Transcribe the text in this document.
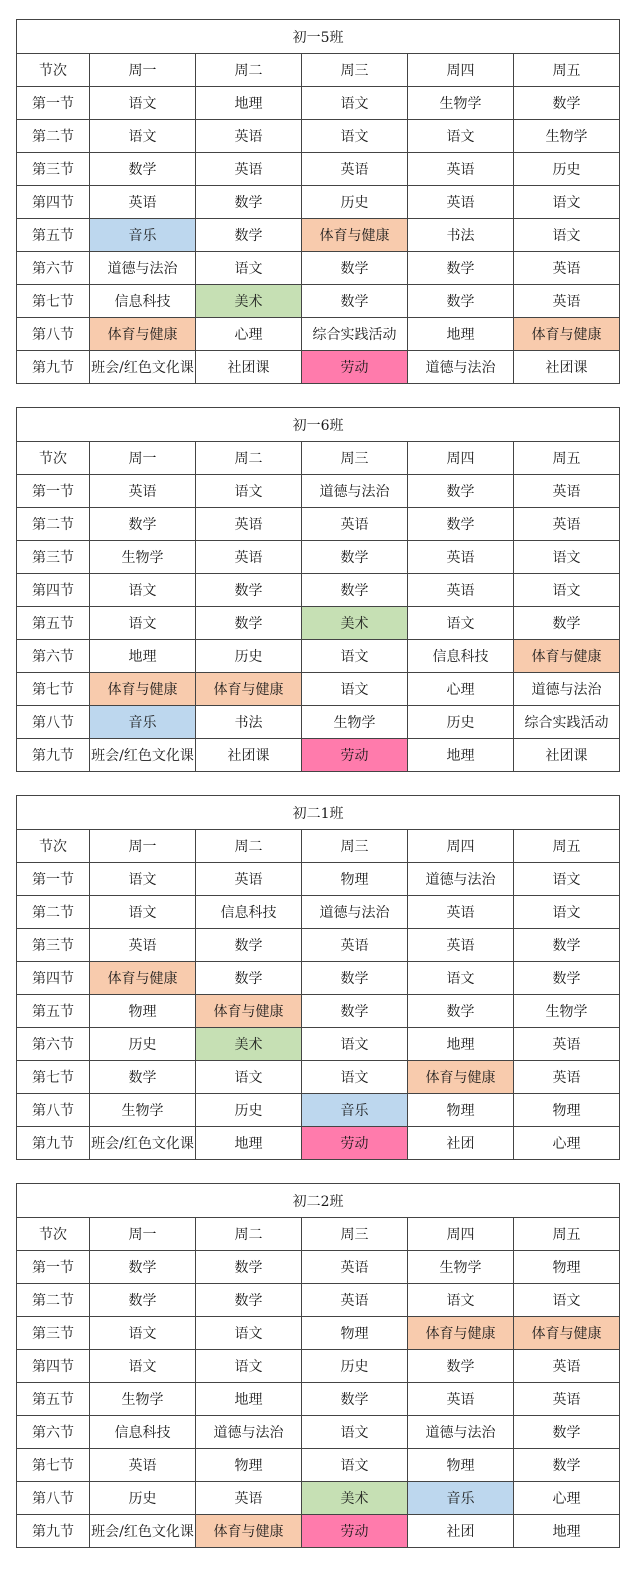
初一5班					
节次	周一	周二	周三	周四	周五
第一节	语文	地理	语文	生物学	数学
第二节	语文	英语	语文	语文	生物学
第三节	数学	英语	英语	英语	历史
第四节	英语	数学	历史	英语	语文
第五节	音乐	数学	体育与健康	书法	语文
第六节	道德与法治	语文	数学	数学	英语
第七节	信息科技	美术	数学	数学	英语
第八节	体育与健康	心理	综合实践活动	地理	体育与健康
第九节	班会/红色文化课	社团课	劳动	道德与法治	社团课
初一6班					
节次	周一	周二	周三	周四	周五
第一节	英语	语文	道德与法治	数学	英语
第二节	数学	英语	英语	数学	英语
第三节	生物学	英语	数学	英语	语文
第四节	语文	数学	数学	英语	语文
第五节	语文	数学	美术	语文	数学
第六节	地理	历史	语文	信息科技	体育与健康
第七节	体育与健康	体育与健康	语文	心理	道德与法治
第八节	音乐	书法	生物学	历史	综合实践活动
第九节	班会/红色文化课	社团课	劳动	地理	社团课
初二1班					
节次	周一	周二	周三	周四	周五
第一节	语文	英语	物理	道德与法治	语文
第二节	语文	信息科技	道德与法治	英语	语文
第三节	英语	数学	英语	英语	数学
第四节	体育与健康	数学	数学	语文	数学
第五节	物理	体育与健康	数学	数学	生物学
第六节	历史	美术	语文	地理	英语
第七节	数学	语文	语文	体育与健康	英语
第八节	生物学	历史	音乐	物理	物理
第九节	班会/红色文化课	地理	劳动	社团	心理
初二2班					
节次	周一	周二	周三	周四	周五
第一节	数学	数学	英语	生物学	物理
第二节	数学	数学	英语	语文	语文
第三节	语文	语文	物理	体育与健康	体育与健康
第四节	语文	语文	历史	数学	英语
第五节	生物学	地理	数学	英语	英语
第六节	信息科技	道德与法治	语文	道德与法治	数学
第七节	英语	物理	语文	物理	数学
第八节	历史	英语	美术	音乐	心理
第九节	班会/红色文化课	体育与健康	劳动	社团	地理
